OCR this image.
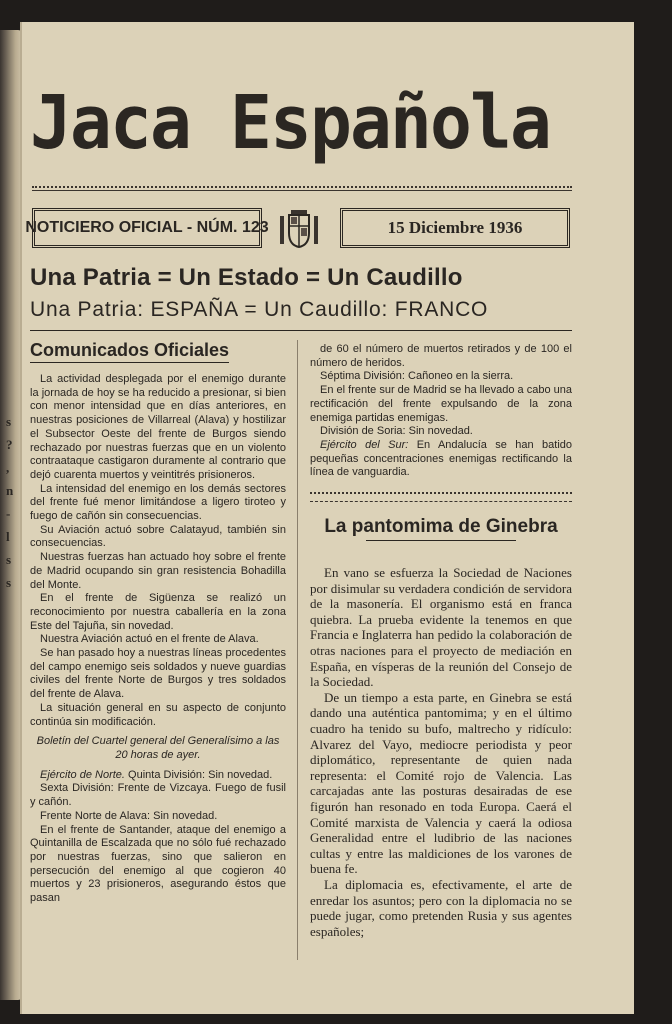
s
?
,
n
-
l
s
s
Jaca Española
NOTICIERO OFICIAL - NÚM. 123	15 Diciembre 1936
Una Patria = Un Estado = Un Caudillo
Una Patria: ESPAÑA = Un Caudillo: FRANCO
Comunicados Oficiales

La actividad desplegada por el enemigo durante la jornada de hoy se ha reducido a presionar, si bien con menor intensidad que en días anteriores, en nuestras posiciones de Villarreal (Alava) y hostilizar el Subsector Oeste del frente de Burgos siendo rechazado por nuestras fuerzas que en un violento contraataque castigaron duramente al contrario que dejó cuarenta muertos y veintitrés prisioneros.

La intensidad del enemigo en los demás sectores del frente fué menor limitándose a ligero tiroteo y fuego de cañón sin consecuencias.

Su Aviación actuó sobre Calatayud, también sin consecuencias.

Nuestras fuerzas han actuado hoy sobre el frente de Madrid ocupando sin gran resistencia Bohadilla del Monte.

En el frente de Sigüenza se realizó un reconocimiento por nuestra caballería en la zona Este del Tajuña, sin novedad.

Nuestra Aviación actuó en el frente de Alava.

Se han pasado hoy a nuestras líneas procedentes del campo enemigo seis soldados y nueve guardias civiles del frente Norte de Burgos y tres soldados del frente de Alava.

La situación general en su aspecto de conjunto continúa sin modificación.

Boletín del Cuartel general del Generalísimo a las 20 horas de ayer.

Ejército de Norte. Quinta División: Sin novedad.

Sexta División: Frente de Vizcaya. Fuego de fusil y cañón.

Frente Norte de Alava: Sin novedad.

En el frente de Santander, ataque del enemigo a Quintanilla de Escalzada que no sólo fué rechazado por nuestras fuerzas, sino que salieron en persecución del enemigo al que cogieron 40 muertos y 23 prisioneros, asegurando éstos que pasan

de 60 el número de muertos retirados y de 100 el número de heridos.

Séptima División: Cañoneo en la sierra.

En el frente sur de Madrid se ha llevado a cabo una rectificación del frente expulsando de la zona enemiga partidas enemigas.

División de Soria: Sin novedad.

Ejército del Sur: En Andalucía se han batido pequeñas concentraciones enemigas rectificando la línea de vanguardia.

La pantomima de Ginebra

En vano se esfuerza la Sociedad de Naciones por disimular su verdadera condición de servidora de la masonería. El organismo está en franca quiebra. La prueba evidente la tenemos en que Francia e Inglaterra han pedido la colaboración de otras naciones para el proyecto de mediación en España, en vísperas de la reunión del Consejo de la Sociedad.

De un tiempo a esta parte, en Ginebra se está dando una auténtica pantomima; y en el último cuadro ha tenido su bufo, maltrecho y ridículo: Alvarez del Vayo, mediocre periodista y peor diplomático, representante de quien nada representa: el Comité rojo de Valencia. Las carcajadas ante las posturas desairadas de ese figurón han resonado en toda Europa. Caerá el Comité marxista de Valencia y caerá la odiosa Generalidad entre el ludibrio de las naciones cultas y entre las maldiciones de los varones de buena fe.

La diplomacia es, efectivamente, el arte de enredar los asuntos; pero con la diplomacia no se puede jugar, como pretenden Rusia y sus agentes españoles;
